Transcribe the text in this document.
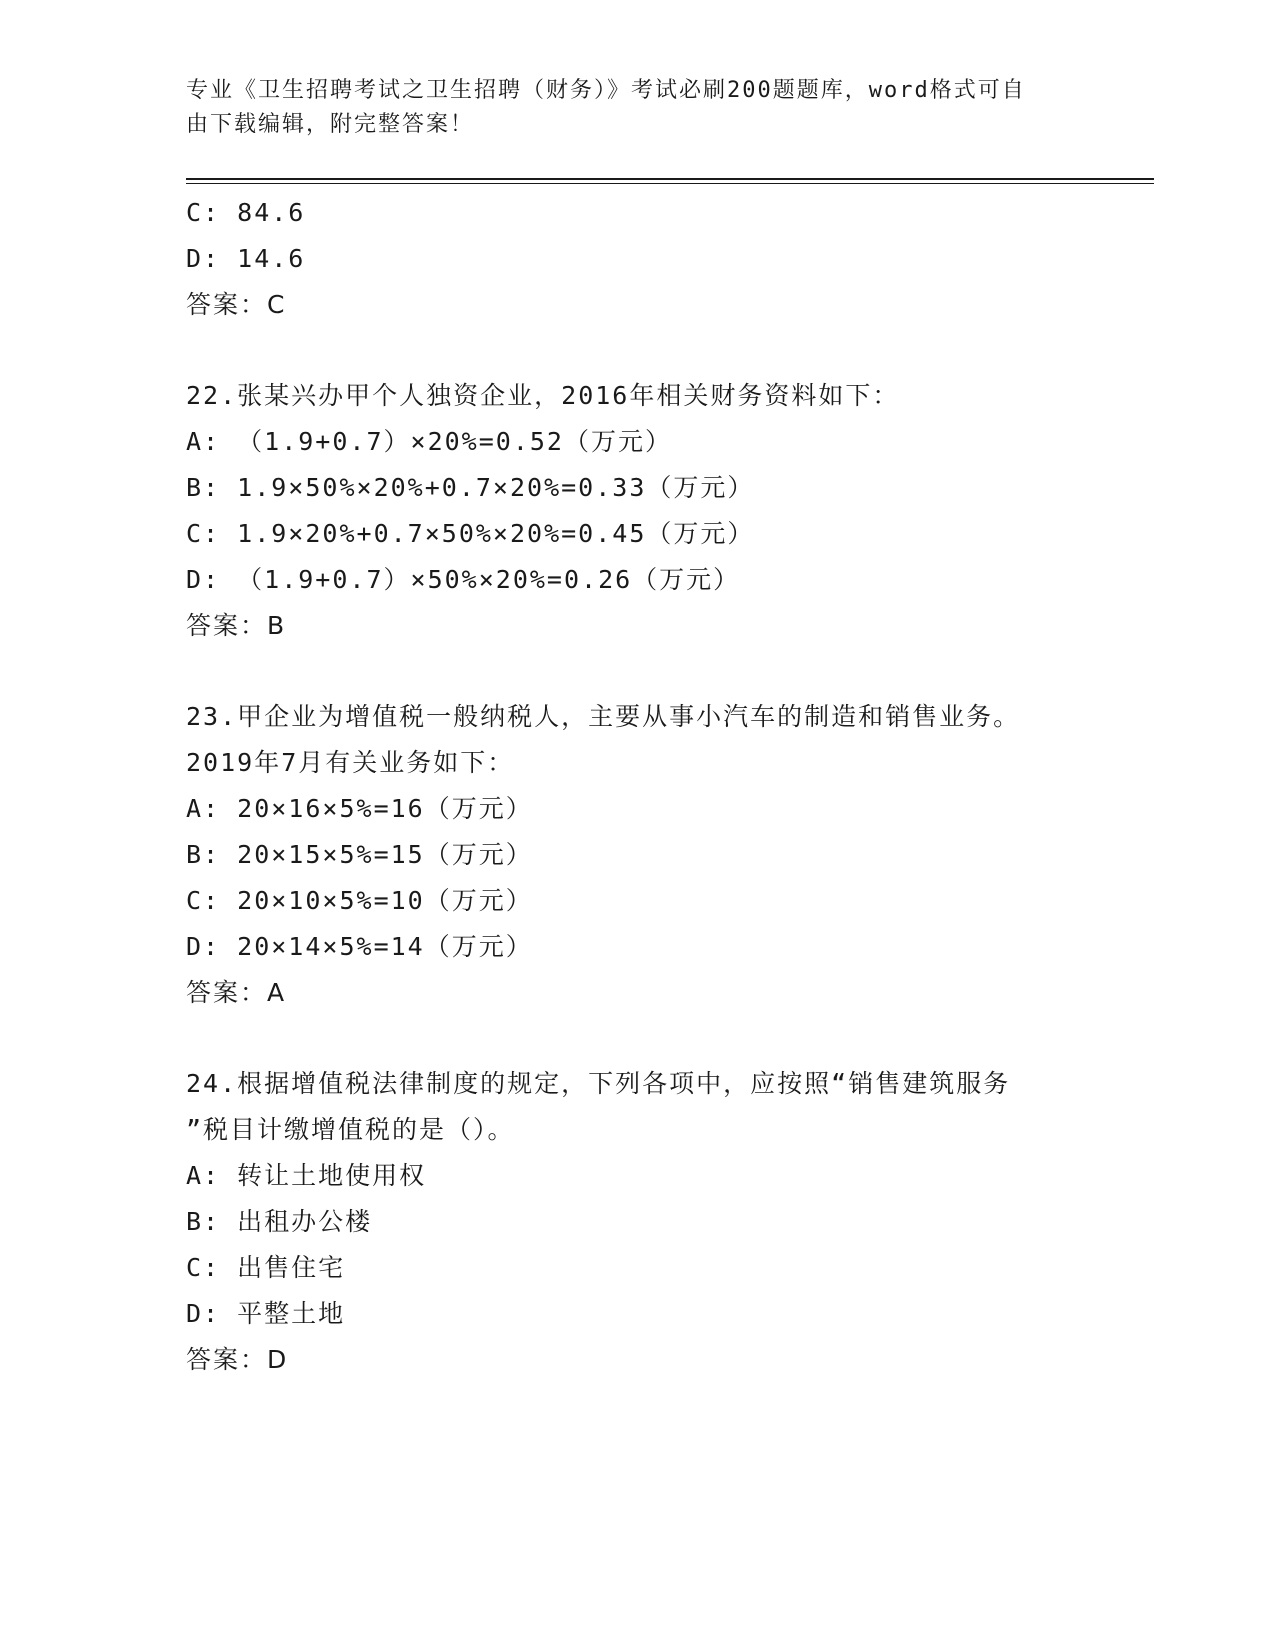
专业《卫生招聘考试之卫生招聘（财务）》考试必刷200题题库，word格式可自
由下载编辑，附完整答案！
C: 84.6
D: 14.6
答案：C
22.张某兴办甲个人独资企业，2016年相关财务资料如下：
A: （1.9+0.7）×20%=0.52（万元）
B: 1.9×50%×20%+0.7×20%=0.33（万元）
C: 1.9×20%+0.7×50%×20%=0.45（万元）
D: （1.9+0.7）×50%×20%=0.26（万元）
答案：B
23.甲企业为增值税一般纳税人，主要从事小汽车的制造和销售业务。
2019年7月有关业务如下：
A: 20×16×5%=16（万元）
B: 20×15×5%=15（万元）
C: 20×10×5%=10（万元）
D: 20×14×5%=14（万元）
答案：A
24.根据增值税法律制度的规定，下列各项中，应按照“销售建筑服务
”税目计缴增值税的是（）。
A: 转让土地使用权
B: 出租办公楼
C: 出售住宅
D: 平整土地
答案：D
